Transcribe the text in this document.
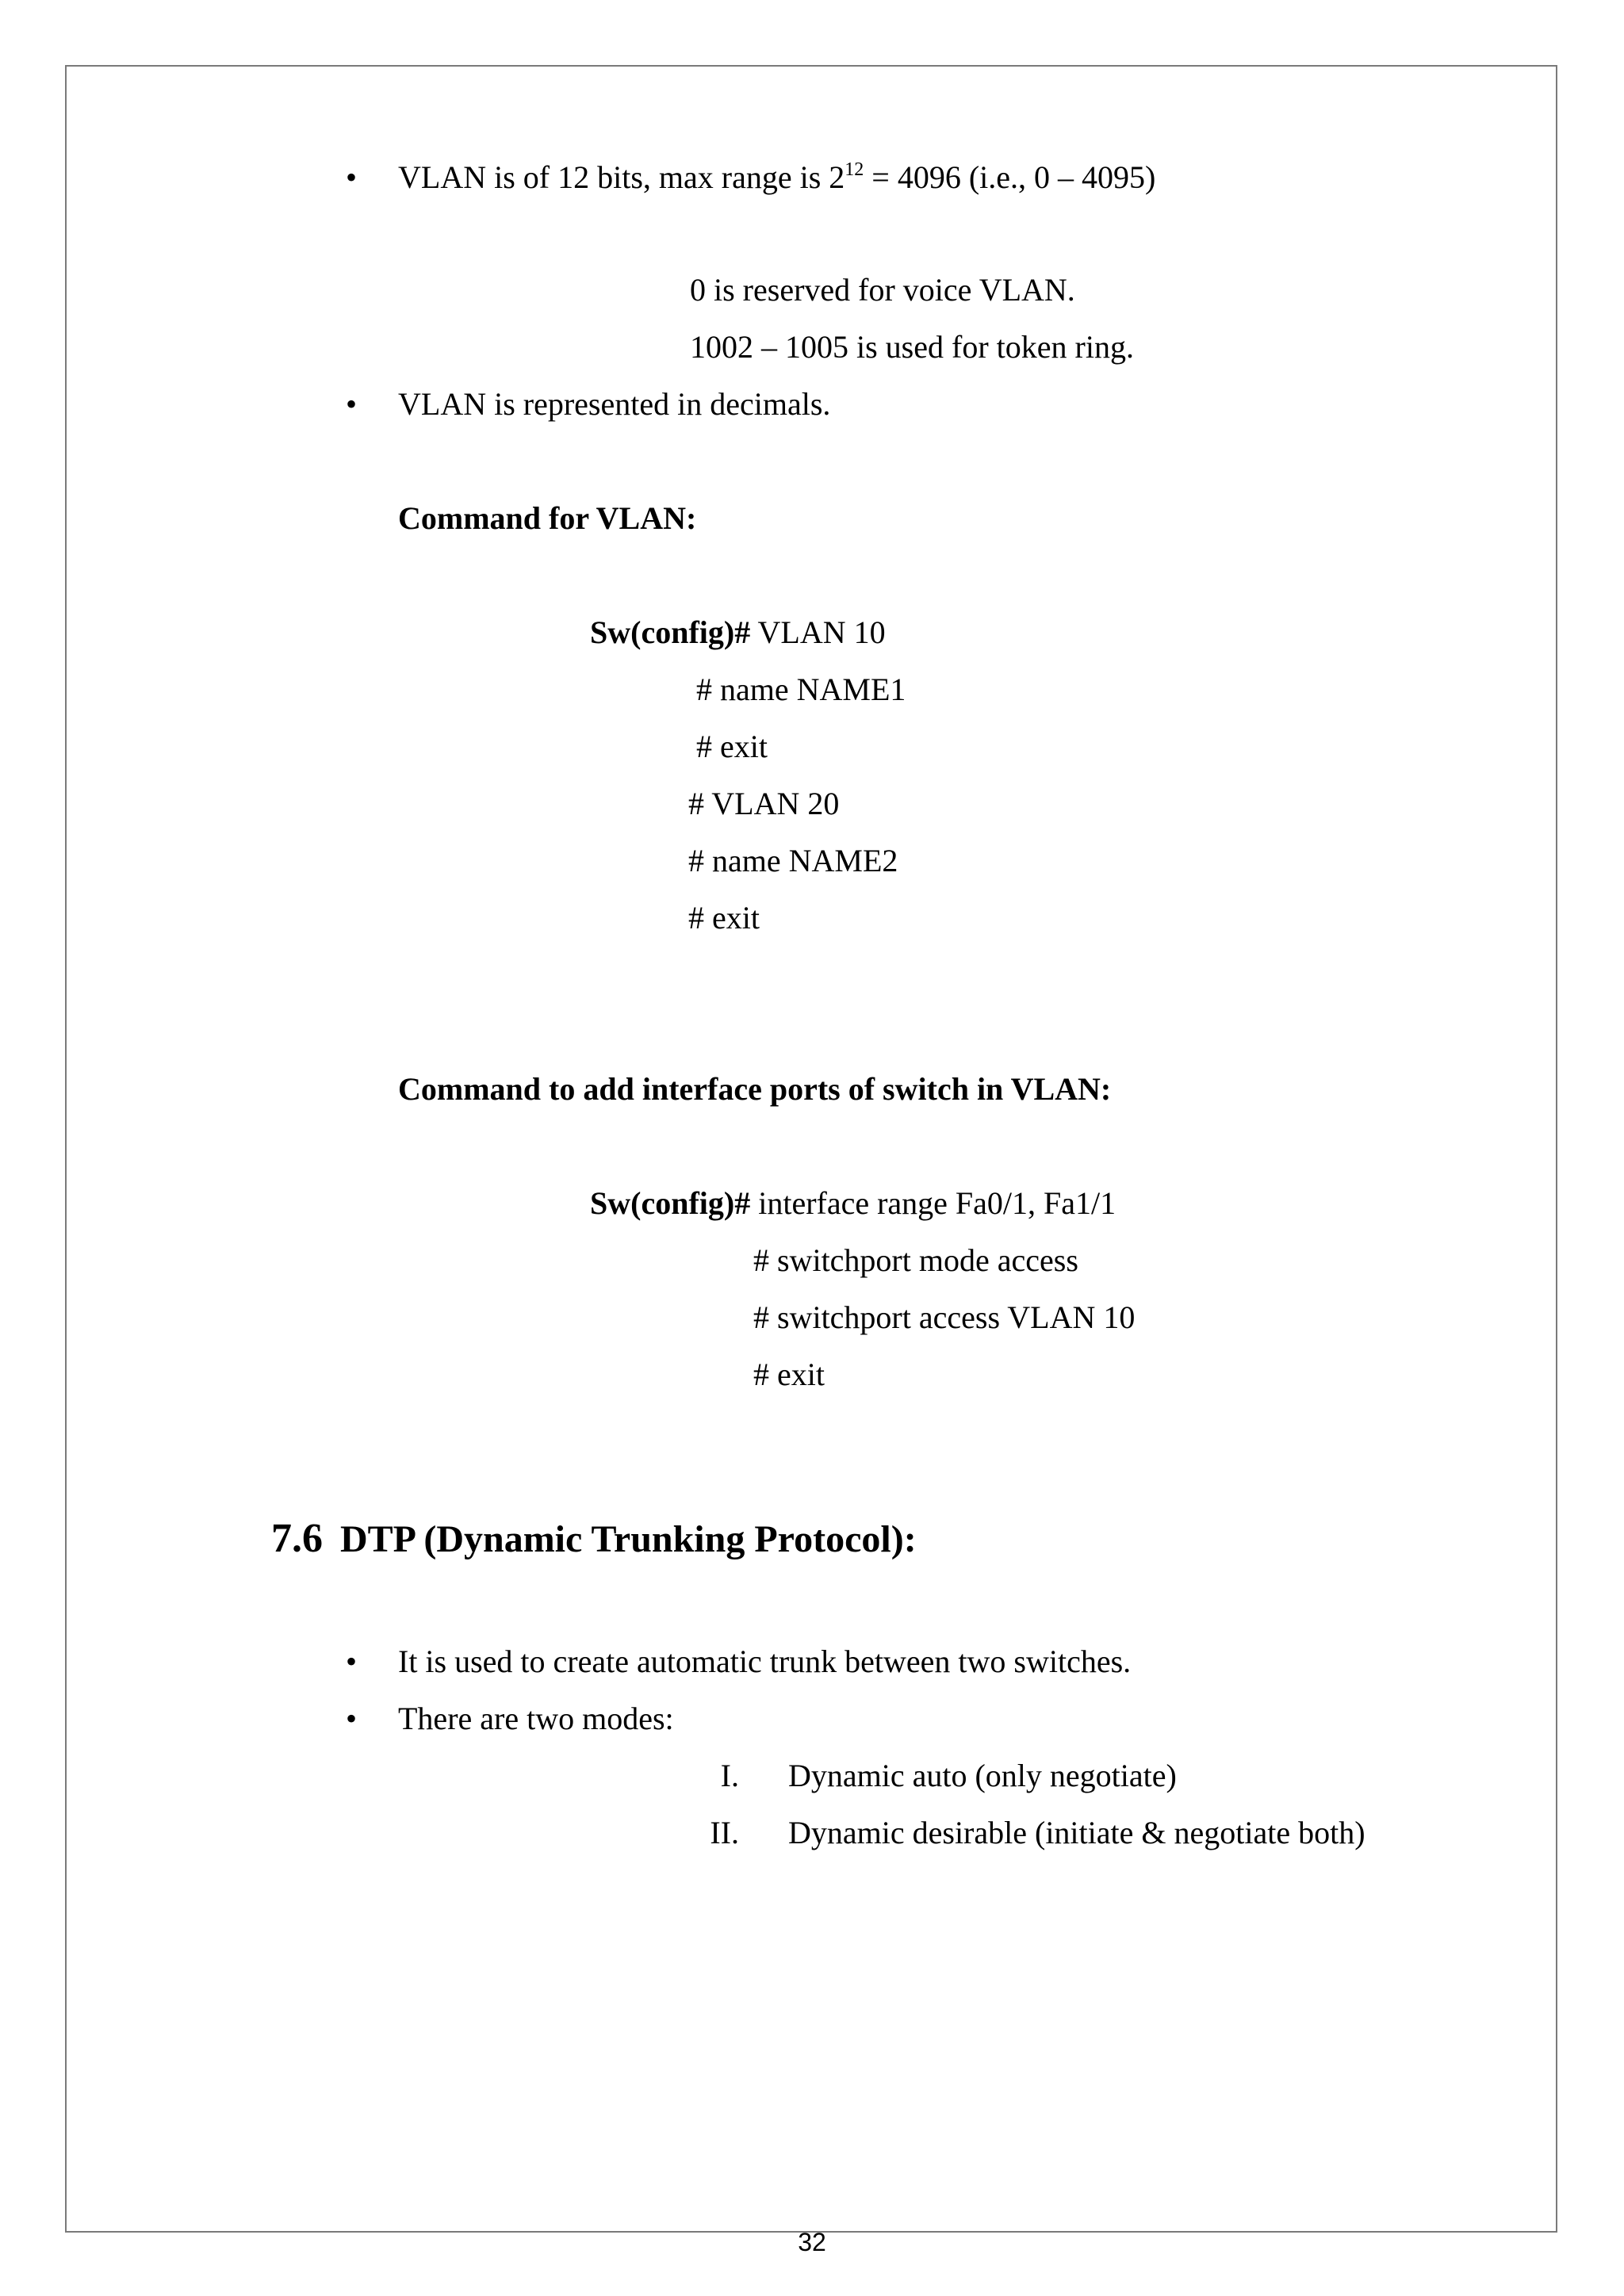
• VLAN is of 12 bits, max range is $2^{12} = 4096$ (i.e., 0 – 4095)
0 is reserved for voice VLAN.
1002 – 1005 is used for token ring.
• VLAN is represented in decimals.
Command for VLAN:
Sw(config)# VLAN 10
# name NAME1
# exit
# VLAN 20
# name NAME2
# exit
Command to add interface ports of switch in VLAN:
Sw(config)# interface range Fa0/1, Fa1/1
# switchport mode access
# switchport access VLAN 10
# exit
7.6 DTP (Dynamic Trunking Protocol):
• It is used to create automatic trunk between two switches.
• There are two modes:
I. Dynamic auto (only negotiate)
II. Dynamic desirable (initiate & negotiate both)
32
